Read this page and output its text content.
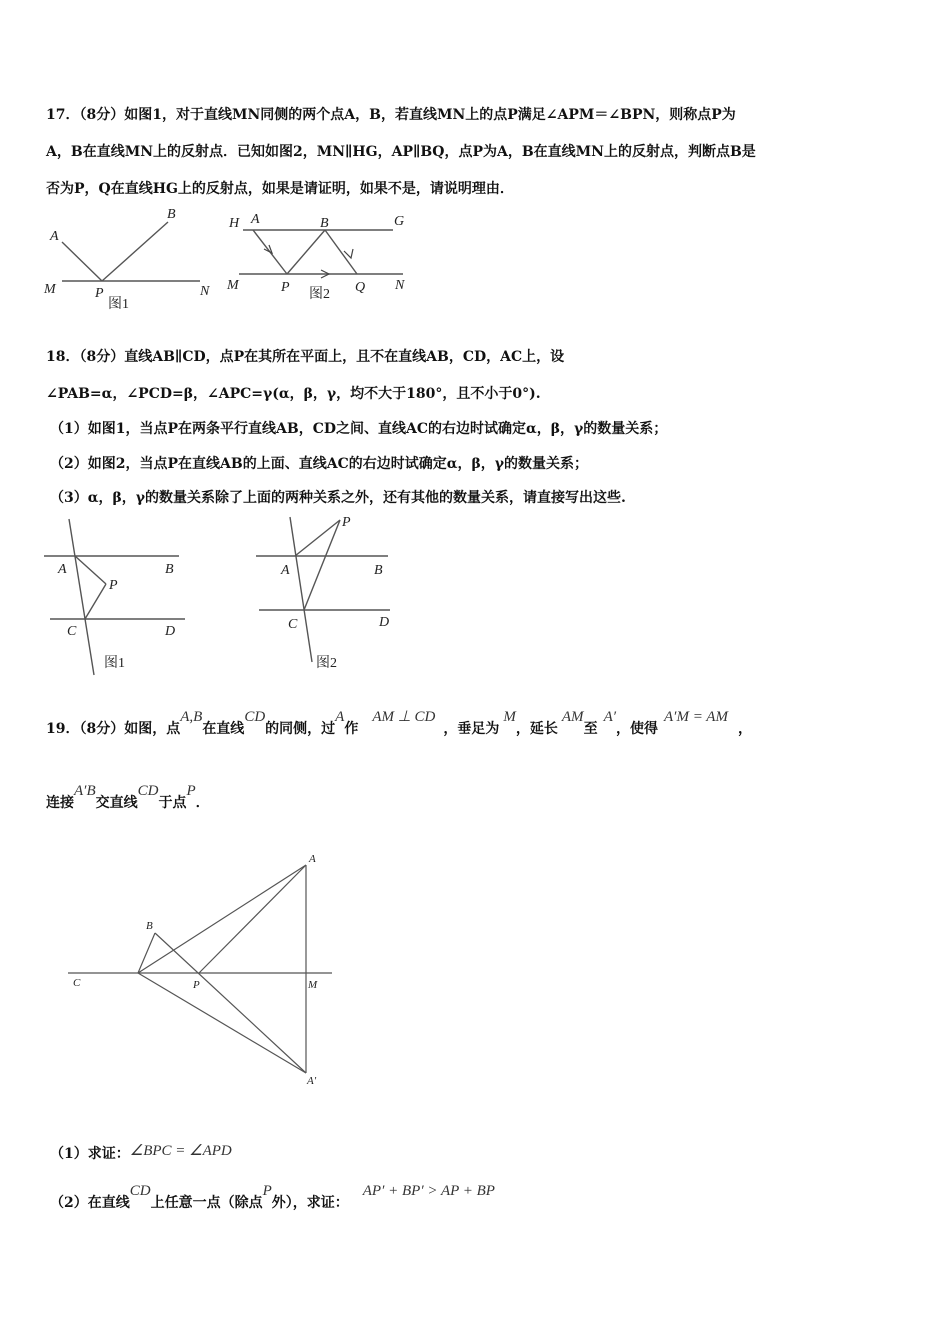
17．（8分）如图1，对于直线MN同侧的两个点A，B，若直线MN上的点P满足∠APM＝∠BPN，则称点P为
A，B在直线MN上的反射点．已知如图2，MN∥HG，AP∥BQ，点P为A，B在直线MN上的反射点，判断点B是
否为P，Q在直线HG上的反射点，如果是请证明，如果不是，请说明理由．
A
B
M	P	N
图1
H A	B	G
M	P	Q N
图2
18．（8分）直线AB∥CD，点P在其所在平面上，且不在直线AB，CD，AC上，设
∠PAB=α，∠PCD=β，∠APC=γ(α，β，γ，均不大于180°，且不小于0°).
（1）如图1，当点P在两条平行直线AB，CD之间、直线AC的右边时试确定α，β，γ的数量关系；
（2）如图2，当点P在直线AB的上面、直线AC的右边时试确定α，β，γ的数量关系；
（3）α，β，γ的数量关系除了上面的两种关系之外，还有其他的数量关系，请直接写出这些.
A	B
P
C	D
图1
P
A	B
C	D
图2
19．（8分）如图，点A,B在直线CD的同侧，过A作AM ⊥ CD，垂足为M，延长AM至A′，使得A′M = AM，
连接A′B交直线CD于点P．
A
B
C	P	M
A′
（1）求证：∠BPC = ∠APD
（2）在直线CD上任意一点（除点P外），求证：AP′ + BP′ > AP + BP
